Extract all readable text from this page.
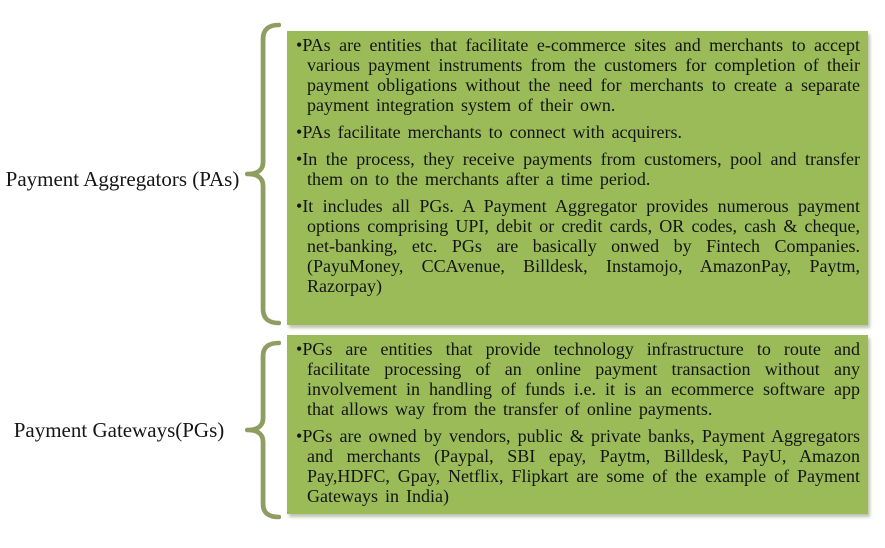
Payment Aggregators (PAs)

•PAs are entities that facilitate e-commerce sites and merchants to accept various payment instruments from the customers for completion of their payment obligations without the need for merchants to create a separate payment integration system of their own.

•PAs facilitate merchants to connect with acquirers.

•In the process, they receive payments from customers, pool and transfer them on to the merchants after a time period.

•It includes all PGs. A Payment Aggregator provides numerous payment options comprising UPI, debit or credit cards, OR codes, cash & cheque, net-banking, etc. PGs are basically onwed by Fintech Companies. (PayuMoney, CCAvenue, Billdesk, Instamojo, AmazonPay, Paytm, Razorpay)

Payment Gateways(PGs)

•PGs are entities that provide technology infrastructure to route and facilitate processing of an online payment transaction without any involvement in handling of funds i.e. it is an ecommerce software app that allows way from the transfer of online payments.

•PGs are owned by vendors, public & private banks, Payment Aggregators and merchants (Paypal, SBI epay, Paytm, Billdesk, PayU, Amazon Pay,HDFC, Gpay, Netflix, Flipkart are some of the example of Payment Gateways in India)
